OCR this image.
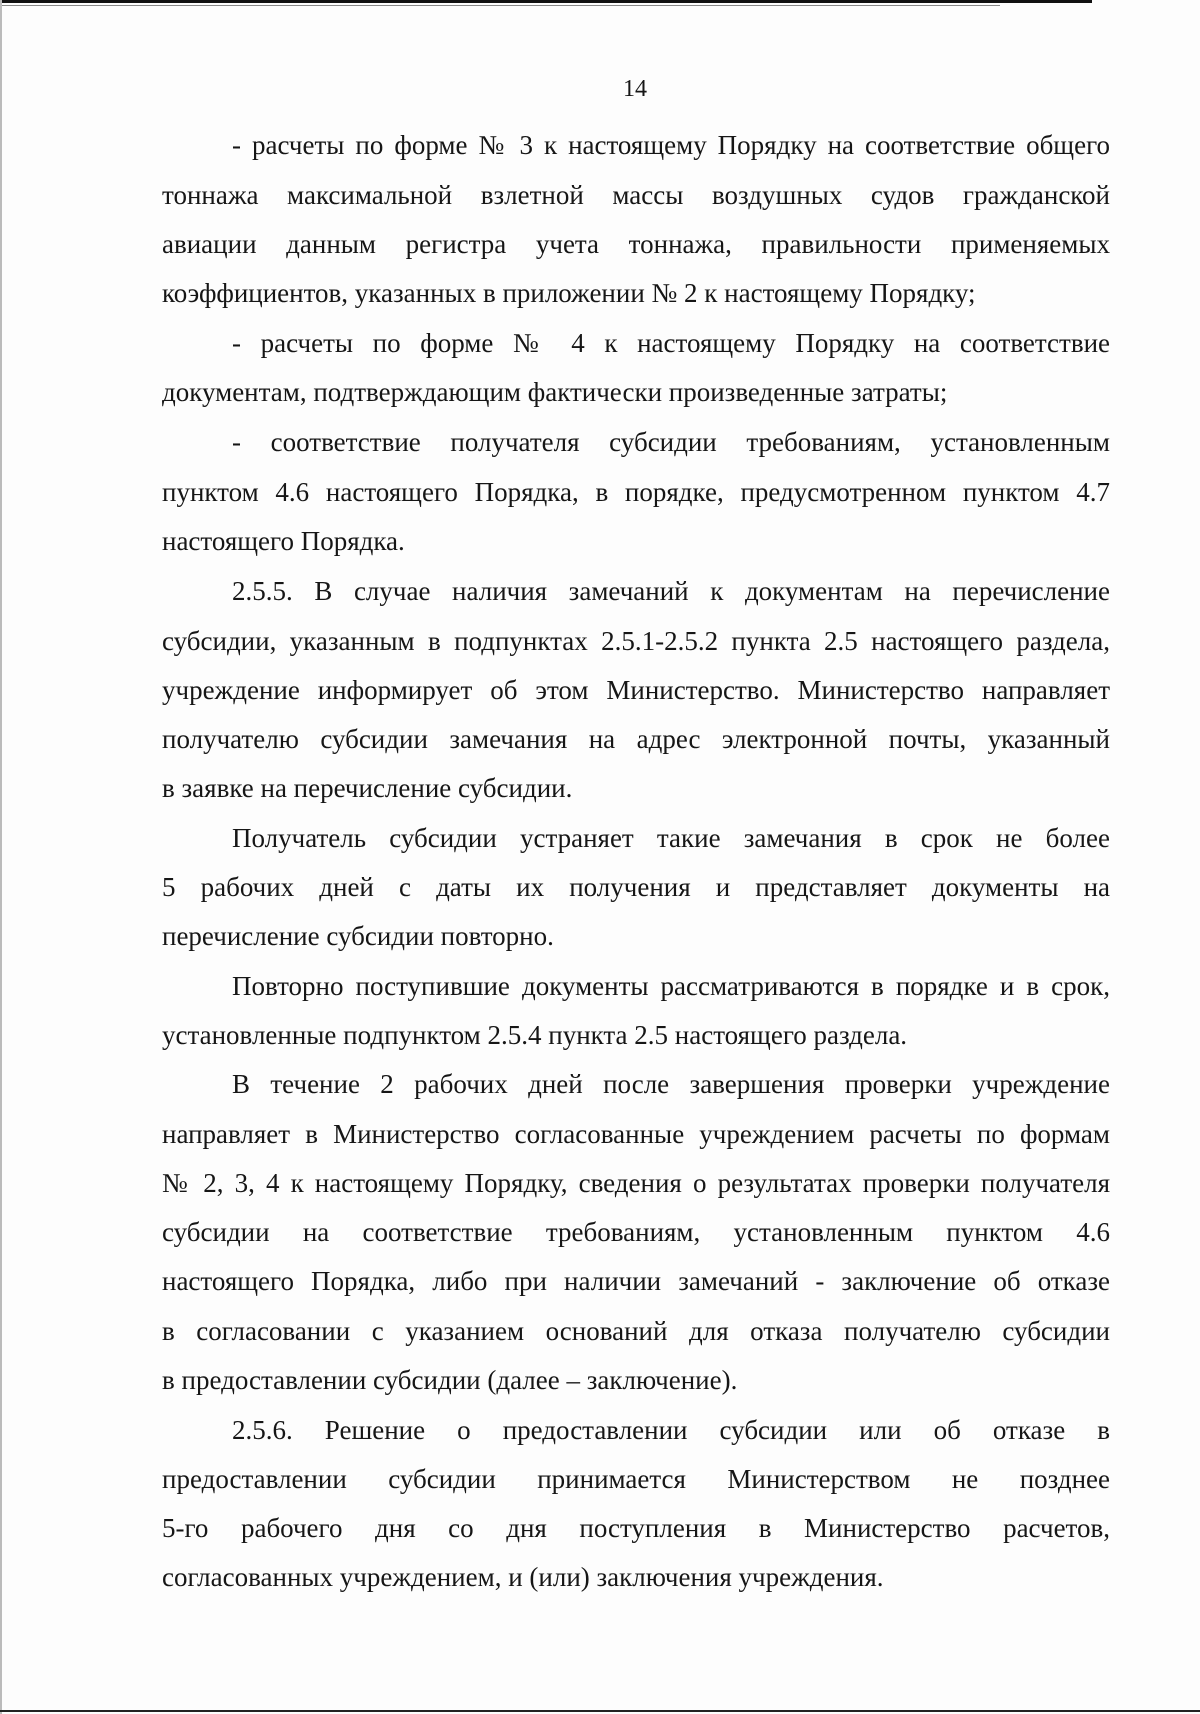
14
- расчеты по форме № 3 к настоящему Порядку на соответствие общего
тоннажа максимальной взлетной массы воздушных судов гражданской
авиации данным регистра учета тоннажа, правильности применяемых
коэффициентов, указанных в приложении № 2 к настоящему Порядку;
- расчеты по форме № 4 к настоящему Порядку на соответствие
документам, подтверждающим фактически произведенные затраты;
- соответствие получателя субсидии требованиям, установленным
пунктом 4.6 настоящего Порядка, в порядке, предусмотренном пунктом 4.7
настоящего Порядка.
2.5.5. В случае наличия замечаний к документам на перечисление
субсидии, указанным в подпунктах 2.5.1-2.5.2 пункта 2.5 настоящего раздела,
учреждение информирует об этом Министерство. Министерство направляет
получателю субсидии замечания на адрес электронной почты, указанный
в заявке на перечисление субсидии.
Получатель субсидии устраняет такие замечания в срок не более
5 рабочих дней с даты их получения и представляет документы на
перечисление субсидии повторно.
Повторно поступившие документы рассматриваются в порядке и в срок,
установленные подпунктом 2.5.4 пункта 2.5 настоящего раздела.
В течение 2 рабочих дней после завершения проверки учреждение
направляет в Министерство согласованные учреждением расчеты по формам
№ 2, 3, 4 к настоящему Порядку, сведения о результатах проверки получателя
субсидии на соответствие требованиям, установленным пунктом 4.6
настоящего Порядка, либо при наличии замечаний - заключение об отказе
в согласовании с указанием оснований для отказа получателю субсидии
в предоставлении субсидии (далее – заключение).
2.5.6. Решение о предоставлении субсидии или об отказе в
предоставлении субсидии принимается Министерством не позднее
5-го рабочего дня со дня поступления в Министерство расчетов,
согласованных учреждением, и (или) заключения учреждения.
